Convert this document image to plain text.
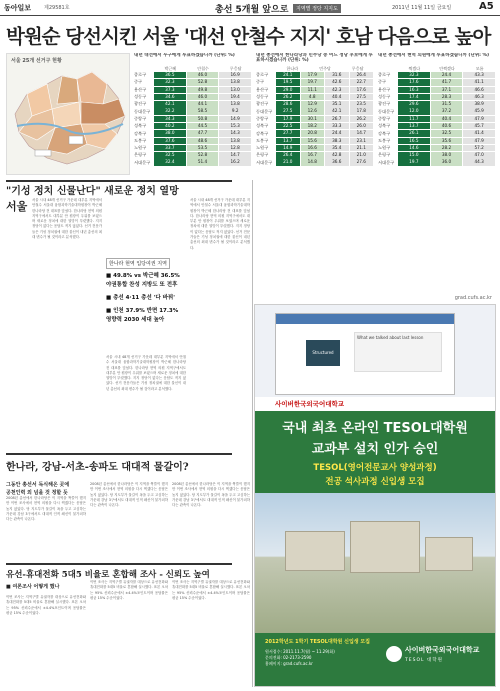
동아일보	제29581호	총선 5개월 앞으로	지역별 정당 지지도	2011년 11월 11일 금요일	A5
박원순 당선시킨 서울 '대선 안철수 지지' 호남 다음으로 높아
서울 25개 선거구 현황
내년 대선에서 누구에게 투표하겠습니까 (단위: %)
박근혜	안철수	무응답
종로구	36.5	46.0	16.9
중구	32.3	52.8	13.8
용산구	37.3	49.8	13.0
성동구	34.6	46.0	19.4
광진구	42.1	44.1	13.8
동대문구	32.2	58.5	9.2
중랑구	34.3	50.8	14.9
성북구	40.2	44.5	15.3
강북구	38.0	47.7	14.3
도봉구	37.6	48.6	13.8
노원구	33.7	53.5	12.8
은평구	32.5	52.8	14.7
서대문구	32.4	51.4	16.2
내년 총선에서 한나라당과 민주당 중 어느 정당 후보에게 투표하시겠습니까 (단위: %)
한나라	민주당	무응답
종로구	24.1	17.9	31.6	26.4
중구	19.5	19.7	42.6	22.7
용산구	29.0	11.1	42.3	17.6
성동구	26.2	4.8	40.4	27.5
광진구	28.6	12.9	35.1	23.5
동대문구	27.5	12.6	42.1	17.8
중랑구	17.9	30.1	26.7	26.2
성북구	22.5	18.2	33.3	26.0
강북구	27.7	20.8	24.4	14.7
도봉구	13.7	15.6	38.3	23.1
노원구	14.9	16.6	35.4	21.1
은평구	26.4	16.7	42.8	21.0
서대문구	21.0	14.8	36.6	27.6
내년 총선에서 현역 의원에게 투표하겠습니까 (단위: %)
찍겠다	안찍겠다	모름
종로구	32.3	24.4	43.3
중구	17.6	41.7	41.1
용산구	16.3	37.1	46.6
성동구	17.4	28.3	46.3
광진구	29.6	31.5	38.9
동대문구	12.0	37.2	45.9
중랑구	11.7	40.4	47.9
성북구	13.7	40.6	45.7
강북구	26.1	32.5	41.4
도봉구	16.5	35.6	47.9
노원구	14.6	28.2	57.2
은평구	15.0	38.0	47.0
서대문구	19.7	36.0	44.3
"기성 정치 신물난다" 새로운 정치 열망
서울 서울 시내 48개 선거구 가운데 대부분 지역에서 안철수 서울대 융합과학기술대학원장이 박근혜 한나라당 전 대표를 앞섰다. 한나라당 현역 의원 지역구에서도 대부분 안 원장이 우위를 보였으며 새로운 정치에 대한 열망이 뚜렷했다. 지지 정당이 없다는 응답도 적지 않았다. 선거 전문가들은 기성 정치권에 대한 불신이 내년 총선의 최대 변수가 될 것이라고 분석했다.
한나라 현역 입당여권 지역
■ 49.8% vs 박근혜 36.5%
야권통합 찬성 지방도 또 전후
■ 총선 4·11 총선 '다 바꿔'
■ 인천 37.9% 반면 17.3%
영향력 2030 세대 높아
서울 시내 48개 선거구 가운데 대부분 지역에서 안철수 서울대 융합과학기술대학원장이 박근혜 한나라당 전 대표를 앞섰다. 한나라당 현역 의원 지역구에서도 대부분 안 원장이 우위를 보였으며 새로운 정치에 대한 열망이 뚜렷했다. 지지 정당이 없다는 응답도 적지 않았다. 선거 전문가들은 기성 정치권에 대한 불신이 내년 총선의 최대 변수가 될 것이라고 분석했다.
서울 시내 48개 선거구 가운데 대부분 지역에서 안철수 서울대 융합과학기술대학원장이 박근혜 한나라당 전 대표를 앞섰다. 한나라당 현역 의원 지역구에서도 대부분 안 원장이 우위를 보였으며 새로운 정치에 대한 열망이 뚜렷했다. 지지 정당이 없다는 응답도 적지 않았다. 선거 전문가들은 기성 정치권에 대한 불신이 내년 총선의 최대 변수가 될 것이라고 분석했다.
한나라, 강남-서초-송파도 대대적 물갈이?
그동안 총선서 독식해온 곳에
공천인력 외 넘을 것 정할 듯
2008년 총선에서 한나라당은 이 지역을 싹쓸이 했지만 이번 조사에서 현역 의원을 다시 찍겠다는 응답은 높지 않았다. 당 지도부가 물갈이 폭을 두고 고심하는 가운데 강남 3구에서도 대대적 인적 쇄신이 불가피하다는 관측이 나온다.
2008년 총선에서 한나라당은 이 지역을 싹쓸이 했지만 이번 조사에서 현역 의원을 다시 찍겠다는 응답은 높지 않았다. 당 지도부가 물갈이 폭을 두고 고심하는 가운데 강남 3구에서도 대대적 인적 쇄신이 불가피하다는 관측이 나온다.
2008년 총선에서 한나라당은 이 지역을 싹쓸이 했지만 이번 조사에서 현역 의원을 다시 찍겠다는 응답은 높지 않았다. 당 지도부가 물갈이 폭을 두고 고심하는 가운데 강남 3구에서도 대대적 인적 쇄신이 불가피하다는 관측이 나온다.
유선-휴대전화 5대5 비율로 혼합해 조사 - 신뢰도 높여
■ 여론조사 어떻게 했나
이번 조사는 지역구별 유권자를 대상으로 유선전화와 휴대전화를 5대5 비율로 혼합해 실시했다. 표본 오차는 95% 신뢰수준에서 ±4.4%포인트이며 응답률은 평균 15% 수준이었다.
이번 조사는 지역구별 유권자를 대상으로 유선전화와 휴대전화를 5대5 비율로 혼합해 실시했다. 표본 오차는 95% 신뢰수준에서 ±4.4%포인트이며 응답률은 평균 15% 수준이었다.
이번 조사는 지역구별 유권자를 대상으로 유선전화와 휴대전화를 5대5 비율로 혼합해 실시했다. 표본 오차는 95% 신뢰수준에서 ±4.4%포인트이며 응답률은 평균 15% 수준이었다.
grad.cufs.ac.kr
Structured Speaking
What we talked about last lesson
사이버한국외국어대학교
국내 최초 온라인 TESOL대학원
교과부 설치 인가 승인
TESOL(영어전문교사 양성과정)
전공 석사과정 신입생 모집
2012학년도 1학기 TESOL대학원 신입생 모집
원서접수: 2011.11.7(월) ~ 11.29(화)
문의전화: 02-2173-2590
홈페이지: grad.cufs.ac.kr
사이버한국외국어대학교
TESOL 대학원
